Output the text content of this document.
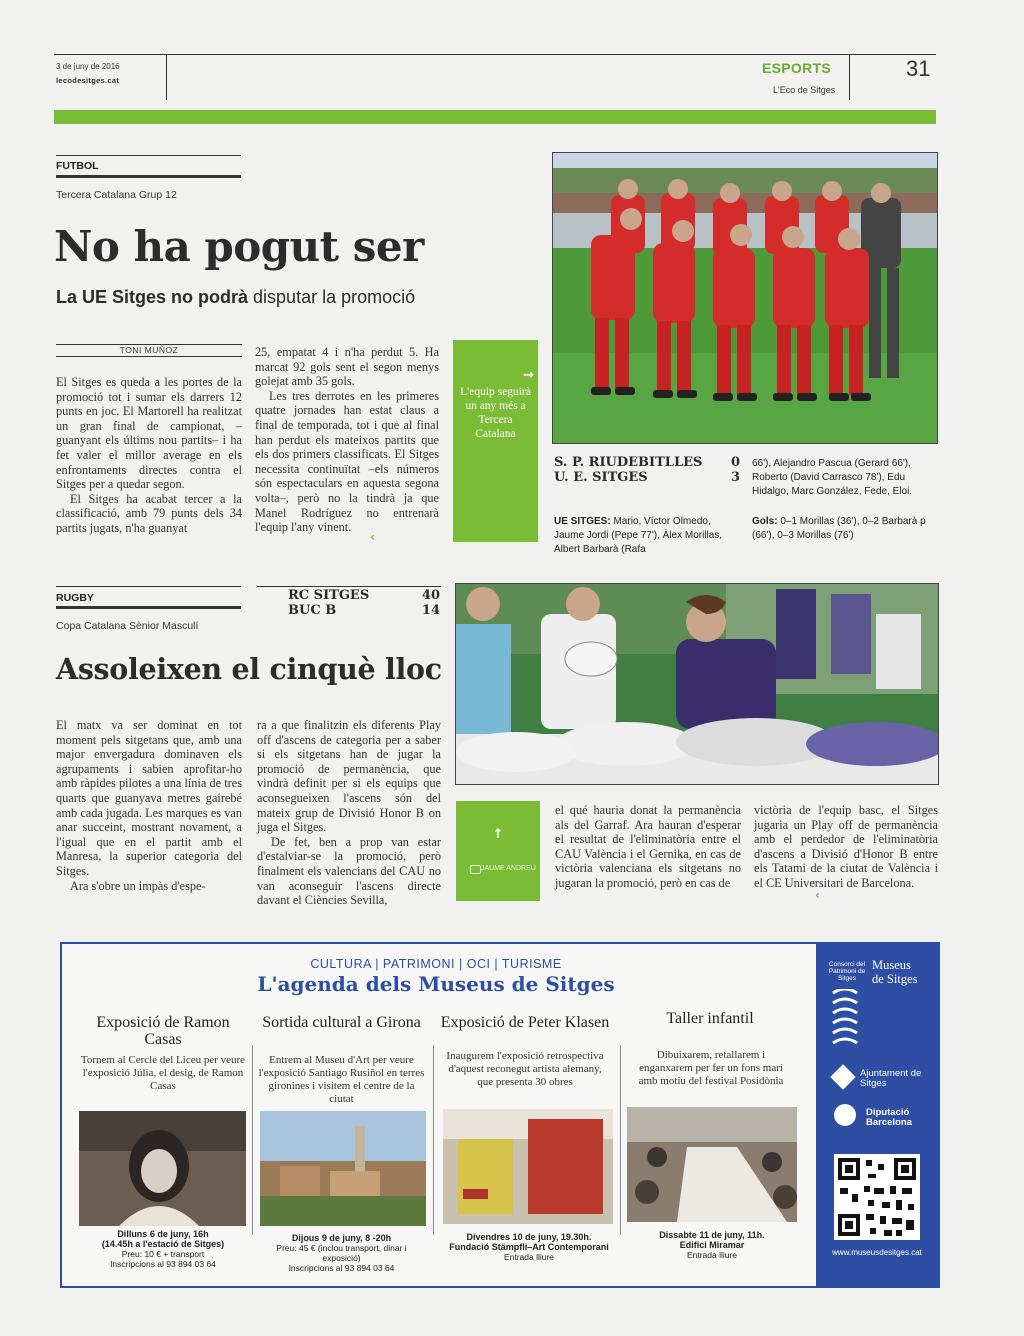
3 de juny de 2016
lecodesitges.cat
ESPORTS
L'Eco de Sitges
31
FUTBOL
Tercera Catalana Grup 12
No ha pogut ser
La UE Sitges no podrà disputar la promoció
TONI MUÑOZ

El Sitges es queda a les portes de la promoció tot i sumar els darrers 12 punts en joc. El Martorell ha realitzat un gran final de campionat, –guanyant els últims nou partits– i ha fet valer el millor average en els enfrontaments directes contra el Sitges per a quedar segon.

El Sitges ha acabat tercer a la classificació, amb 79 punts dels 34 partits jugats, n'ha guanyat

25, empatat 4 i n'ha perdut 5. Ha marcat 92 gols sent el segon menys golejat amb 35 gols.

Les tres derrotes en les primeres quatre jornades han estat claus a final de temporada, tot i que al final han perdut els mateixos partits que els dos primers classificats. El Sitges necessita continuïtat –els números són espectaculars en aquesta segona volta–, però no la tindrà ja que Manel Rodríguez no entrenarà l'equip l'any vinent.

‹
→
L'equip seguirà un any més a Tercera Catalana
S. P. RIUDEBITLLES 0
U. E. SITGES	3
66'), Alejandro Pascua (Gerard 66'), Roberto (David Carrasco 78'), Edu Hidalgo, Marc González, Fede, Eloi.
UE SITGES: Mario, Víctor Olmedo, Jaume Jordi (Pepe 77'), Àlex Morillas, Albert Barbarà (Rafa
Gols: 0–1 Morillas (36'), 0–2 Barbarà p (66'), 0–3 Morillas (76')
RUGBY
Copa Catalana Sènior Masculí
RC SITGES	40
BUC B	14
Assoleixen el cinquè lloc

El matx va ser dominat en tot moment pels sitgetans que, amb una major envergadura dominaven els agrupaments i sabien aprofitar-ho amb ràpides pilotes a una línia de tres quarts que guanyava metres gairebé amb cada jugada. Les marques es van anar succeint, mostrant novament, a l'igual que en el partit amb el Manresa, la superior categoria del Sitges.

Ara s'obre un impàs d'espe-

ra a que finalitzin els diferents Play off d'ascens de categoria per a saber si els sitgetans han de jugar la promoció de permanència, que vindrà definit per si els equips que aconsegueixen l'ascens són del mateix grup de Divisió Honor B on juga el Sitges.

De fet, ben a prop van estar d'estalviar-se la promoció, però finalment els valencians del CAU no van aconseguir l'ascens directe davant el Ciències Sevilla,

↑
JAUME ANDREU

el qué hauria donat la permanència als del Garraf. Ara hauran d'esperar el resultat de l'eliminatòria entre el CAU València i el Gernika, en cas de victòria valenciana els sitgetans no jugaran la promoció, però en cas de

victòria de l'equip basc, el Sitges jugaria un Play off de permanència amb el perdedor de l'eliminatòria d'ascens a Divisió d'Honor B entre els Tatami de la ciutat de València i el CE Universitari de Barcelona.

‹
CULTURA | PATRIMONI | OCI | TURISME
L'agenda dels Museus de Sitges
Exposició de Ramon Casas
Tornem al Cercle del Liceu per veure l'exposició Júlia, el desig, de Ramon Casas
Dilluns 6 de juny, 16h
(14.45h a l'estació de Sitges)
Preu: 10 € + transport
Inscripcions al 93 894 03 64
Sortida cultural a Girona
Entrem al Museu d'Art per veure l'exposició Santiago Rusiñol en terres gironines i visitem el centre de la ciutat
Dijous 9 de juny, 8 -20h
Preu: 45 € (inclou transport, dinar i exposició)
Inscripcions al 93 894 03 64
Exposició de Peter Klasen
Inaugurem l'exposició retrospectiva d'aquest reconegut artista alemany, que presenta 30 obres
Divendres 10 de juny, 19.30h.
Fundació Stämpfli–Art Contemporani
Entrada lliure
Taller infantil
Dibuixarem, retallarem i enganxarem per fer un fons marí amb motiu del festival Posidònia
Dissabte 11 de juny, 11h.
Edifici Miramar
Entrada lliure
Consorci del Patrimoni de Sitges
Museus
de Sitges
Ajuntament de Sitges
Diputació Barcelona
www.museusdesitges.cat
